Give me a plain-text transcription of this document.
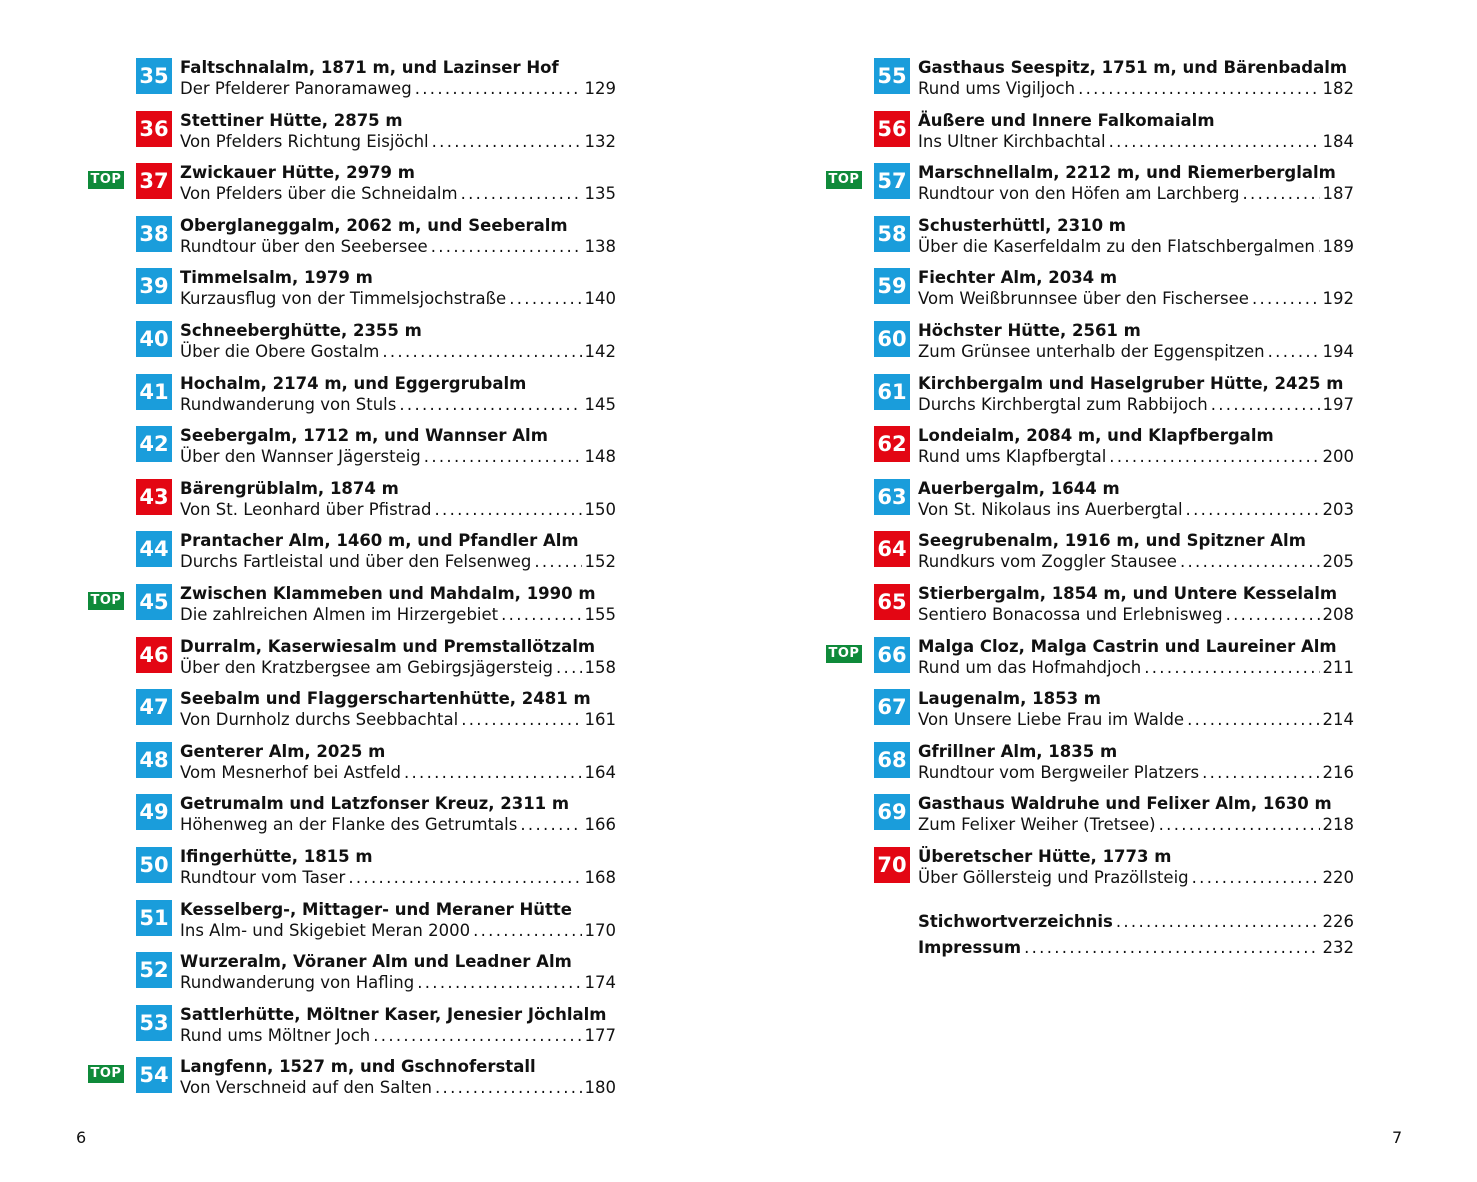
35 Faltschnalalm, 1871 m, und Lazinser Hof
Der Pfelderer Panoramaweg .....	129
36 Stettiner Hütte, 2875 m
Von Pfelders Richtung Eisjöchl .....	132
TOP 37 Zwickauer Hütte, 2979 m
Von Pfelders über die Schneidalm .....	135
38 Oberglaneggalm, 2062 m, und Seeberalm
Rundtour über den Seebersee .....	138
39 Timmelsalm, 1979 m
Kurzausflug von der Timmelsjochstraße .....	140
40 Schneeberghütte, 2355 m
Über die Obere Gostalm .....	142
41 Hochalm, 2174 m, und Eggergrubalm
Rundwanderung von Stuls .....	145
42 Seebergalm, 1712 m, und Wannser Alm
Über den Wannser Jägersteig .....	148
43 Bärengrüblalm, 1874 m
Von St. Leonhard über Pfistrad .....	150
44 Prantacher Alm, 1460 m, und Pfandler Alm
Durchs Fartleistal und über den Felsenweg .....	152
TOP 45 Zwischen Klammeben und Mahdalm, 1990 m
Die zahlreichen Almen im Hirzergebiet .....	155
46 Durralm, Kaserwiesalm und Premstallötzalm
Über den Kratzbergsee am Gebirgsjägersteig ..... 158
47 Seebalm und Flaggerschartenhütte, 2481 m
Von Durnholz durchs Seebbachtal .....	161
48 Genterer Alm, 2025 m
Vom Mesnerhof bei Astfeld .....	164
49 Getrumalm und Latzfonser Kreuz, 2311 m
Höhenweg an der Flanke des Getrumtals .....	166
50 Ifingerhütte, 1815 m
Rundtour vom Taser .....	168
51 Kesselberg-, Mittager- und Meraner Hütte
Ins Alm- und Skigebiet Meran 2000 .....	170
52 Wurzeralm, Vöraner Alm und Leadner Alm
Rundwanderung von Hafling .....	174
53 Sattlerhütte, Möltner Kaser, Jenesier Jöchlalm
Rund ums Möltner Joch .....	177
TOP 54 Langfenn, 1527 m, und Gschnoferstall
Von Verschneid auf den Salten .....	180
55 Gasthaus Seespitz, 1751 m, und Bärenbadalm
Rund ums Vigiljoch .....	182
56 Äußere und Innere Falkomaialm
Ins Ultner Kirchbachtal .....	184
TOP 57 Marschnellalm, 2212 m, und Riemerberglalm
Rundtour von den Höfen am Larchberg .....	187
58 Schusterhüttl, 2310 m
Über die Kaserfeldalm zu den Flatschbergalmen ..... 189
59 Fiechter Alm, 2034 m
Vom Weißbrunnsee über den Fischersee .....	192
60 Höchster Hütte, 2561 m
Zum Grünsee unterhalb der Eggenspitzen .....	194
61 Kirchbergalm und Haselgruber Hütte, 2425 m
Durchs Kirchbergtal zum Rabbijoch .....	197
62 Londeialm, 2084 m, und Klapfbergalm
Rund ums Klapfbergtal .....	200
63 Auerbergalm, 1644 m
Von St. Nikolaus ins Auerbergtal .....	203
64 Seegrubenalm, 1916 m, und Spitzner Alm
Rundkurs vom Zoggler Stausee .....	205
65 Stierbergalm, 1854 m, und Untere Kesselalm
Sentiero Bonacossa und Erlebnisweg .....	208
TOP 66 Malga Cloz, Malga Castrin und Laureiner Alm
Rund um das Hofmahdjoch .....	211
67 Laugenalm, 1853 m
Von Unsere Liebe Frau im Walde .....	214
68 Gfrillner Alm, 1835 m
Rundtour vom Bergweiler Platzers .....	216
69 Gasthaus Waldruhe und Felixer Alm, 1630 m
Zum Felixer Weiher (Tretsee) .....	218
70 Überetscher Hütte, 1773 m
Über Göllersteig und Prazöllsteig .....	220
Stichwortverzeichnis .....	226
Impressum .....	232
6	7
